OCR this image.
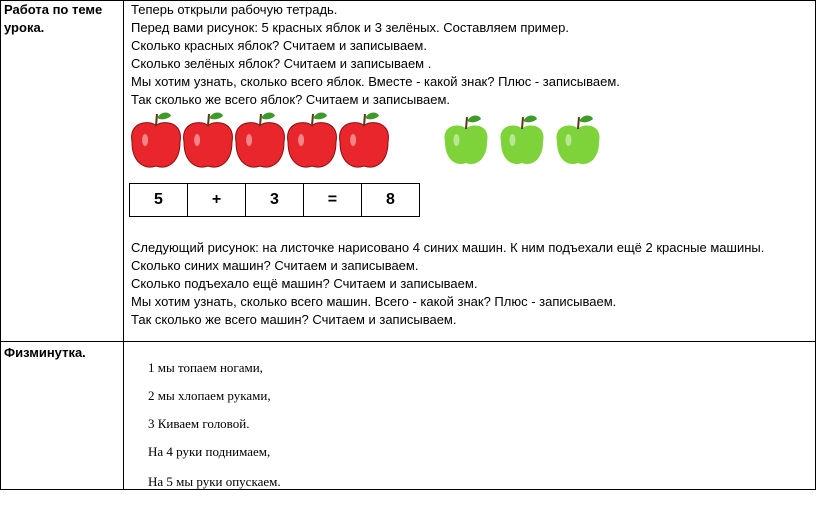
Работа по теме урока.
Теперь открыли рабочую тетрадь.
Перед вами рисунок: 5 красных яблок и 3 зелёных. Составляем пример.
Сколько красных яблок? Считаем и записываем.
Сколько зелёных яблок? Считаем и записываем .
Мы хотим узнать, сколько всего яблок. Вместе - какой знак? Плюс - записываем.
Так сколько же всего яблок? Считаем и записываем.
5	+	3	=	8
Следующий рисунок: на листочке нарисовано 4 синих машин. К ним подъехали ещё 2 красные машины.
Сколько синих машин? Считаем и записываем.
Сколько подъехало ещё машин? Считаем и записываем.
Мы хотим узнать, сколько всего машин. Всего - какой знак? Плюс - записываем.
Так сколько же всего машин? Считаем и записываем.
Физминутка.
1 мы топаем ногами,
2 мы хлопаем руками,
3 Киваем головой.
На 4 руки поднимаем,
На 5 мы руки опускаем.
